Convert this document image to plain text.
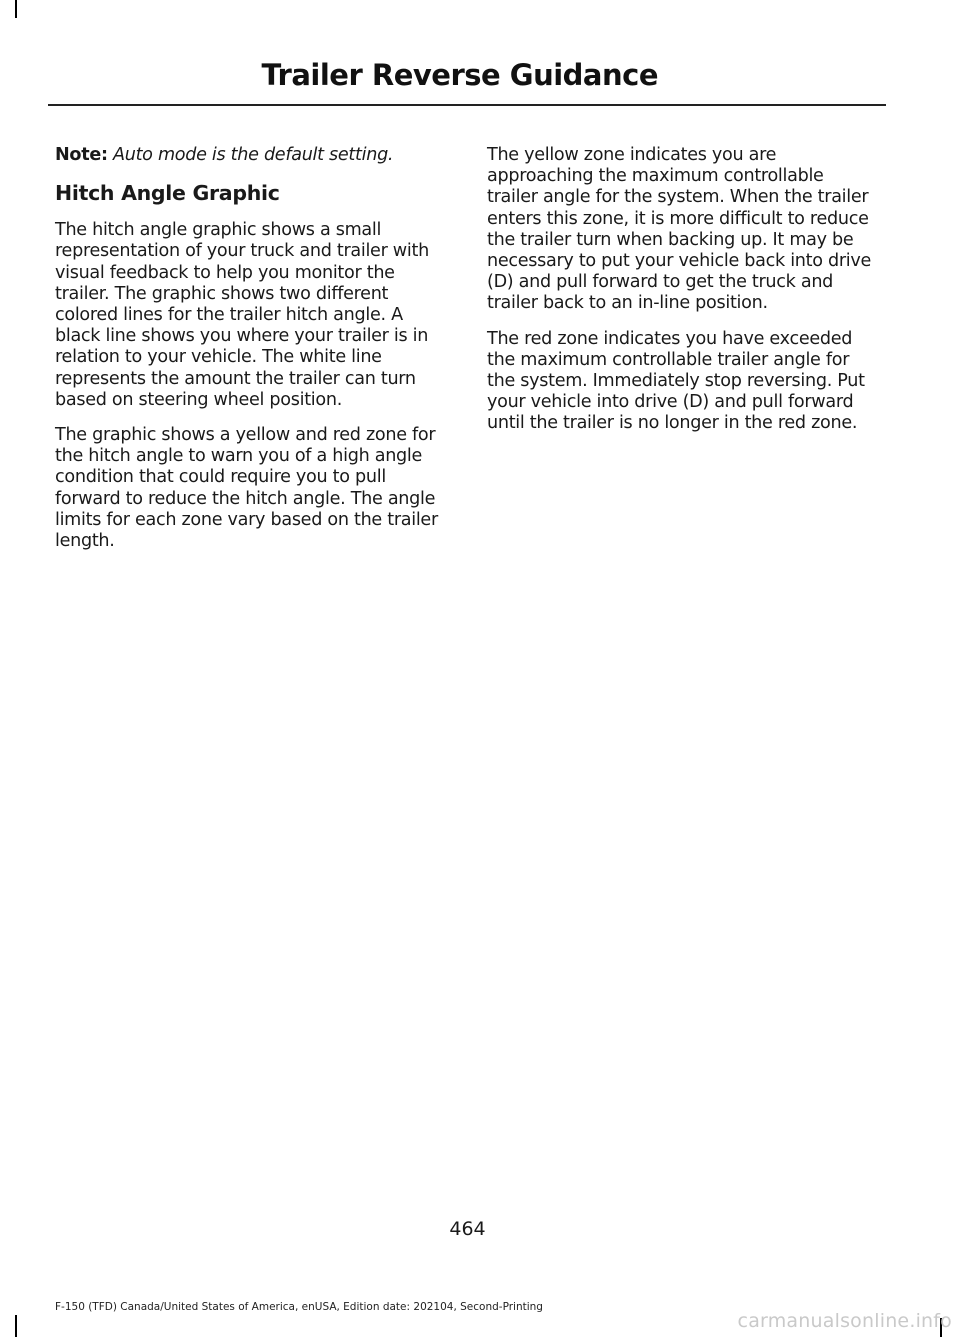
Trailer Reverse Guidance

Note: Auto mode is the default setting.

Hitch Angle Graphic

The hitch angle graphic shows a small representation of your truck and trailer with visual feedback to help you monitor the trailer. The graphic shows two different colored lines for the trailer hitch angle. A black line shows you where your trailer is in relation to your vehicle. The white line represents the amount the trailer can turn based on steering wheel position.

The graphic shows a yellow and red zone for the hitch angle to warn you of a high angle condition that could require you to pull forward to reduce the hitch angle. The angle limits for each zone vary based on the trailer length.

The yellow zone indicates you are approaching the maximum controllable trailer angle for the system. When the trailer enters this zone, it is more difficult to reduce the trailer turn when backing up. It may be necessary to put your vehicle back into drive (D) and pull forward to get the truck and trailer back to an in-line position.

The red zone indicates you have exceeded the maximum controllable trailer angle for the system. Immediately stop reversing. Put your vehicle into drive (D) and pull forward until the trailer is no longer in the red zone.

464
F-150 (TFD) Canada/United States of America, enUSA, Edition date: 202104, Second-Printing
carmanualsonline.info
